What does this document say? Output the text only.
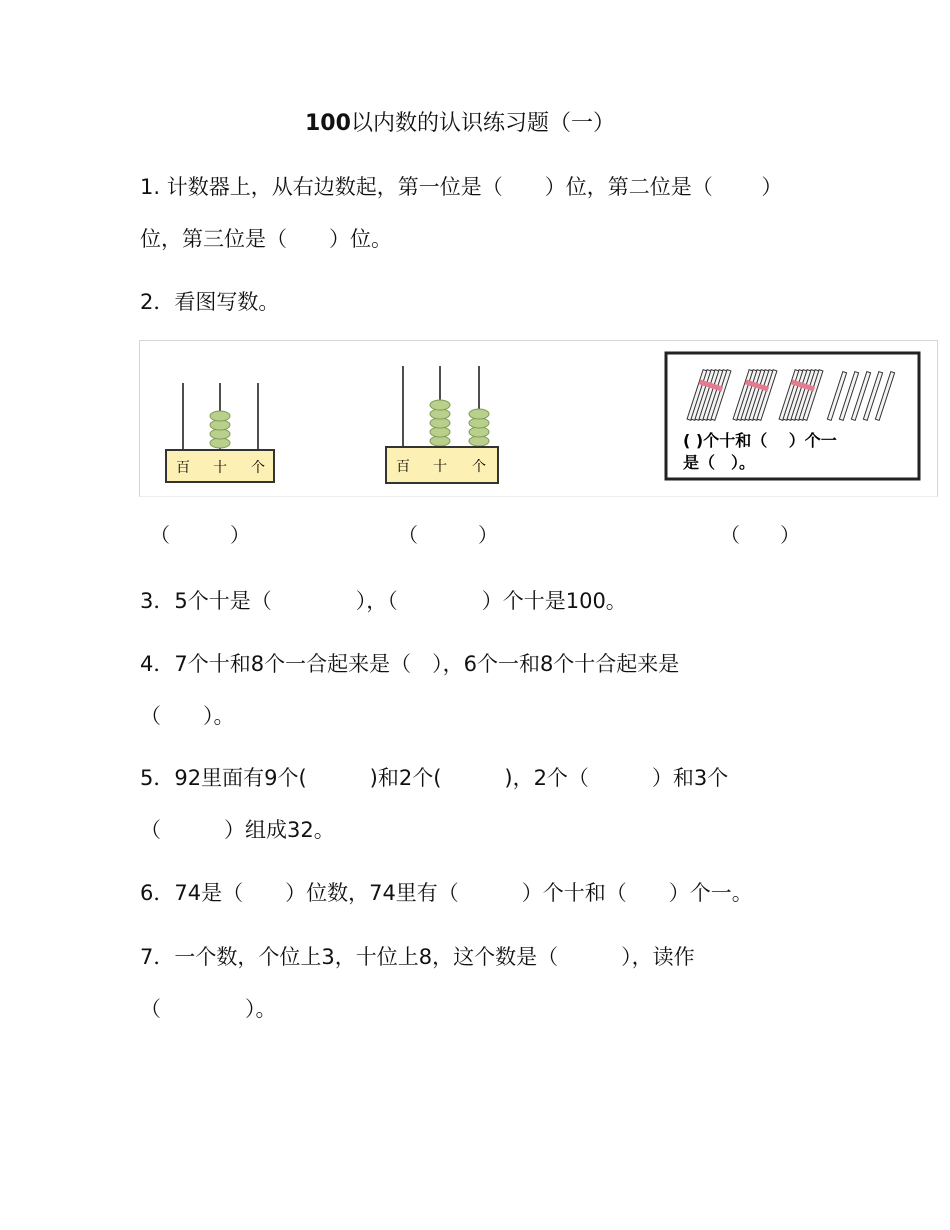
100以内数的认识练习题（一）
1. 计数器上，从右边数起，第一位是（　　）位，第二位是（　　 ）
位，第三位是（　　）位。
2．看图写数。
百 十 个	百 十 个
( )个十和（　 ）个一
是（　）。
（　　　）	（　　　）	（　　）
3．5个十是（　　　　），（　　　　）个十是100。
4．7个十和8个一合起来是（　），6个一和8个十合起来是
（　　）。
5．92里面有9个(　　　)和2个(　　　)，2个（　　　）和3个
（　　　）组成32。
6．74是（　　）位数，74里有（　　　）个十和（　　）个一。
7．一个数，个位上3，十位上8，这个数是（　　　），读作
（　　　　）。
